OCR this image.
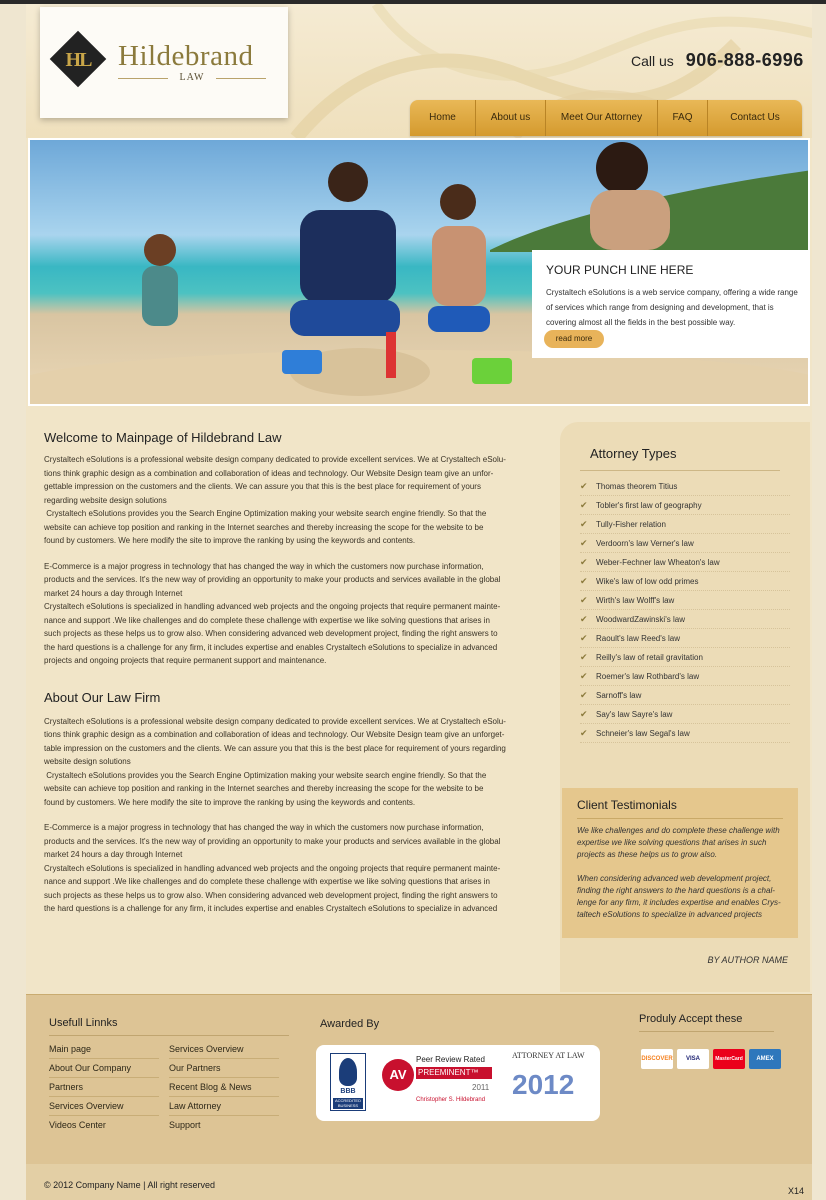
HL Hildebrand
LAW
Call us 906-888-6996
Home	About us	Meet Our Attorney	FAQ	Contact Us
YOUR PUNCH LINE HERE
Crystaltech eSolutions is a web service company, offering a wide range of services which range from designing and development, that is covering almost all the fields in the best possible way.
read more
Welcome to Mainpage of Hildebrand Law
Crystaltech eSolutions is a professional website design company dedicated to provide excellent services. We at Crystaltech eSolu-
tions think graphic design as a combination and collaboration of ideas and technology. Our Website Design team give an unfor-
gettable impression on the customers and the clients. We can assure you that this is the best place for requirement of yours
regarding website design solutions
Crystaltech eSolutions provides you the Search Engine Optimization making your website search engine friendly. So that the
website can achieve top position and ranking in the Internet searches and thereby increasing the scope for the website to be
found by customers. We here modify the site to improve the ranking by using the keywords and contents.
E-Commerce is a major progress in technology that has changed the way in which the customers now purchase information,
products and the services. It's the new way of providing an opportunity to make your products and services available in the global
market 24 hours a day through Internet
Crystaltech eSolutions is specialized in handling advanced web projects and the ongoing projects that require permanent mainte-
nance and support .We like challenges and do complete these challenge with expertise we like solving questions that arises in
such projects as these helps us to grow also. When considering advanced web development project, finding the right answers to
the hard questions is a challenge for any firm, it includes expertise and enables Crystaltech eSolutions to specialize in advanced
projects and ongoing projects that require permanent support and maintenance.
About Our Law Firm
Crystaltech eSolutions is a professional website design company dedicated to provide excellent services. We at Crystaltech eSolu-
tions think graphic design as a combination and collaboration of ideas and technology. Our Website Design team give an unforget-
table impression on the customers and the clients. We can assure you that this is the best place for requirement of yours regarding
website design solutions
Crystaltech eSolutions provides you the Search Engine Optimization making your website search engine friendly. So that the
website can achieve top position and ranking in the Internet searches and thereby increasing the scope for the website to be
found by customers. We here modify the site to improve the ranking by using the keywords and contents.
E-Commerce is a major progress in technology that has changed the way in which the customers now purchase information,
products and the services. It's the new way of providing an opportunity to make your products and services available in the global
market 24 hours a day through Internet
Crystaltech eSolutions is specialized in handling advanced web projects and the ongoing projects that require permanent mainte-
nance and support .We like challenges and do complete these challenge with expertise we like solving questions that arises in
such projects as these helps us to grow also. When considering advanced web development project, finding the right answers to
the hard questions is a challenge for any firm, it includes expertise and enables Crystaltech eSolutions to specialize in advanced
Attorney Types
✔ Thomas theorem Titius
✔ Tobler's first law of geography
✔ Tully-Fisher relation
✔ Verdoorn's law Verner's law
✔ Weber-Fechner law Wheaton's law
✔ Wike's law of low odd primes
✔ Wirth's law Wolff's law
✔ WoodwardZawinski's law
✔ Raoult's law Reed's law
✔ Reilly's law of retail gravitation
✔ Roemer's law Rothbard's law
✔ Sarnoff's law
✔ Say's law Sayre's law
✔ Schneier's law Segal's law
Client Testimonials
We like challenges and do complete these challenge with
expertise we like solving questions that arises in such
projects as these helps us to grow also.

When considering advanced web development project,
finding the right answers to the hard questions is a chal-
lenge for any firm, it includes expertise and enables Crys-
taltech eSolutions to specialize in advanced projects
BY AUTHOR NAME
Usefull Linnks
Main page	Services Overview
About Our Company	Our Partners
Partners	Recent Blog & News
Services Overview	Law Attorney
Videos Center	Support
Awarded By
BBB
ACCREDITED BUSINESS
AV
Peer Review Rated
PREEMINENT™
2011
Christopher S. Hildebrand
ATTORNEY AT LAW
2012
Produly Accept these
DISCOVER	VISA	MasterCard	AMEX
© 2012 Company Name | All right reserved
X14
